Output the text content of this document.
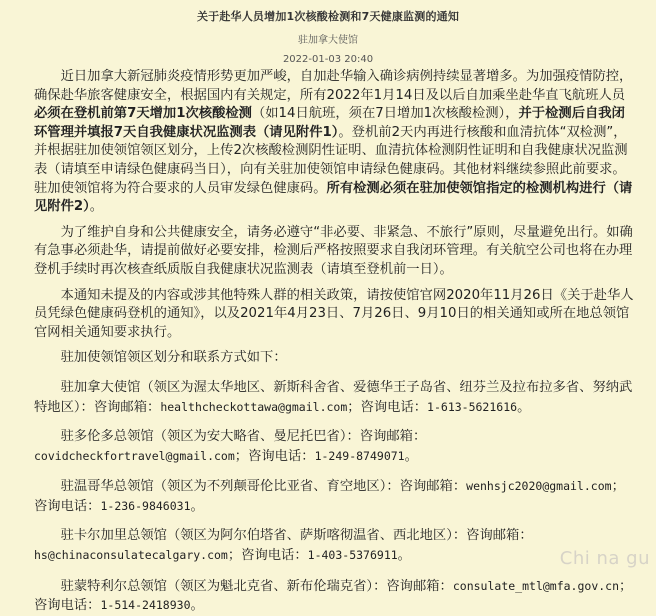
关于赴华人员增加1次核酸检测和7天健康监测的通知
驻加拿大使馆
2022-01-03 20:40

近日加拿大新冠肺炎疫情形势更加严峻，自加赴华输入确诊病例持续显著增多。为加强疫情防控，确保赴华旅客健康安全，根据国内有关规定，所有2022年1月14日及以后自加乘坐赴华直飞航班人员必须在登机前第7天增加1次核酸检测（如14日航班，须在7日增加1次核酸检测），并于检测后自我闭环管理并填报7天自我健康状况监测表（请见附件1）。登机前2天内再进行核酸和血清抗体“双检测”，并根据驻加使领馆领区划分，上传2次核酸检测阴性证明、血清抗体检测阴性证明和自我健康状况监测表（请填至申请绿色健康码当日），向有关驻加使领馆申请绿色健康码。其他材料继续参照此前要求。驻加使领馆将为符合要求的人员审发绿色健康码。所有检测必须在驻加使领馆指定的检测机构进行（请见附件2）。

为了维护自身和公共健康安全，请务必遵守“非必要、非紧急、不旅行”原则，尽量避免出行。如确有急事必须赴华，请提前做好必要安排，检测后严格按照要求自我闭环管理。有关航空公司也将在办理登机手续时再次核查纸质版自我健康状况监测表（请填至登机前一日）。

本通知未提及的内容或涉其他特殊人群的相关政策，请按使馆官网2020年11月26日《关于赴华人员凭绿色健康码登机的通知》，以及2021年4月23日、7月26日、9月10日的相关通知或所在地总领馆官网相关通知要求执行。

驻加使领馆领区划分和联系方式如下：

驻加拿大使馆（领区为渥太华地区、新斯科舍省、爱德华王子岛省、纽芬兰及拉布拉多省、努纳武特地区）：咨询邮箱：healthcheckottawa@gmail.com；咨询电话：1-613-5621616。

驻多伦多总领馆（领区为安大略省、曼尼托巴省）：咨询邮箱：covidcheckfortravel@gmail.com；咨询电话：1-249-8749071。

驻温哥华总领馆（领区为不列颠哥伦比亚省、育空地区）：咨询邮箱：wenhsjc2020@gmail.com；咨询电话：1-236-9846031。

驻卡尔加里总领馆（领区为阿尔伯塔省、萨斯喀彻温省、西北地区）：咨询邮箱：hs@chinaconsulatecalgary.com；咨询电话：1-403-5376911。

驻蒙特利尔总领馆（领区为魁北克省、新布伦瑞克省）：咨询邮箱：consulate_mtl@mfa.gov.cn；咨询电话：1-514-2418930。

Chi na gu
